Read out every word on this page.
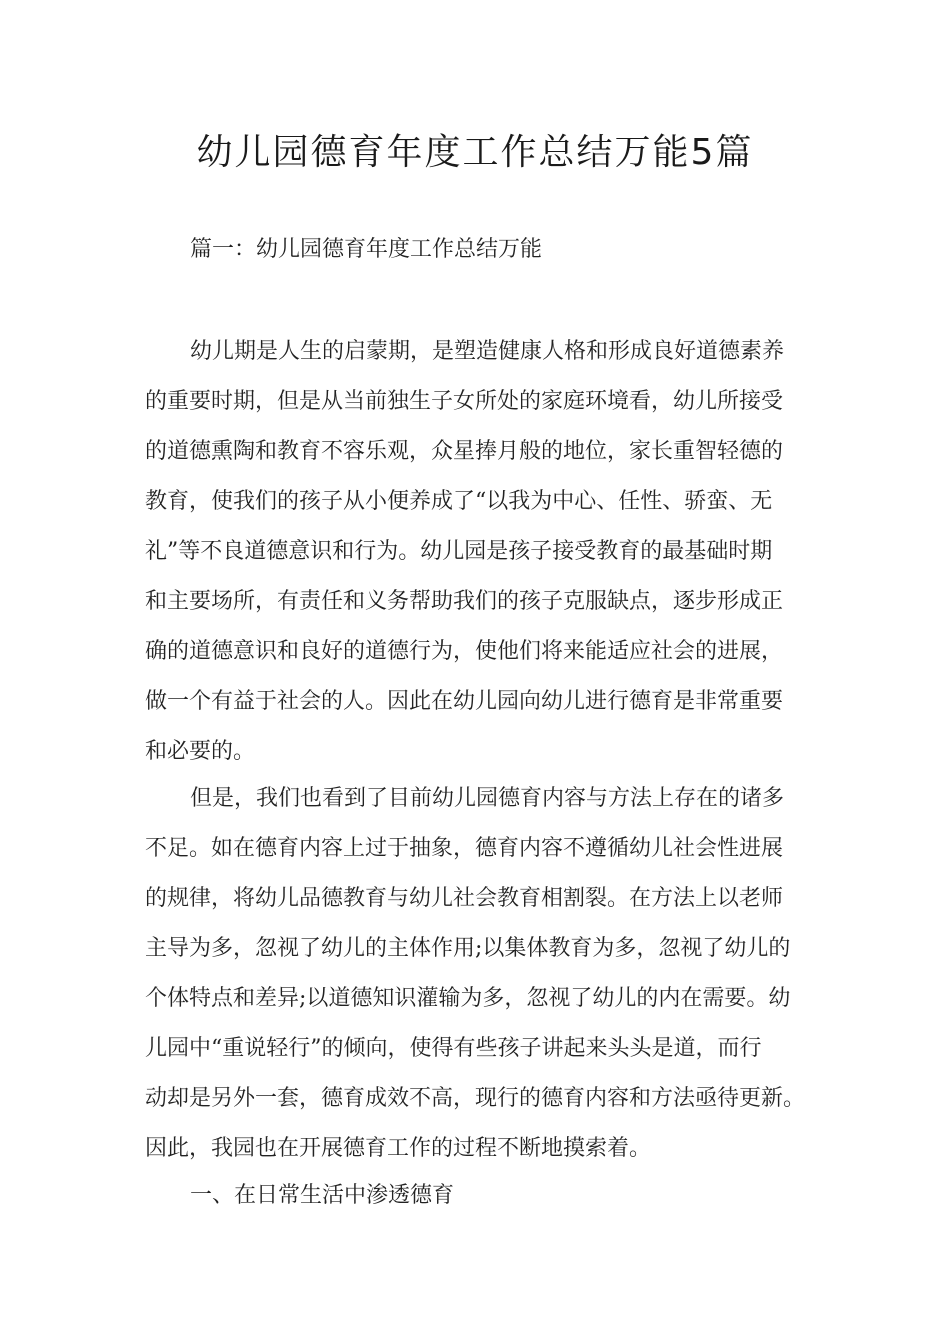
幼儿园德育年度工作总结万能5篇

篇一：幼儿园德育年度工作总结万能

幼儿期是人生的启蒙期，是塑造健康人格和形成良好道德素养
的重要时期，但是从当前独生子女所处的家庭环境看，幼儿所接受
的道德熏陶和教育不容乐观，众星捧月般的地位，家长重智轻德的
教育，使我们的孩子从小便养成了“以我为中心、任性、骄蛮、无
礼”等不良道德意识和行为。幼儿园是孩子接受教育的最基础时期
和主要场所，有责任和义务帮助我们的孩子克服缺点，逐步形成正
确的道德意识和良好的道德行为，使他们将来能适应社会的进展，
做一个有益于社会的人。因此在幼儿园向幼儿进行德育是非常重要
和必要的。
但是，我们也看到了目前幼儿园德育内容与方法上存在的诸多
不足。如在德育内容上过于抽象，德育内容不遵循幼儿社会性进展
的规律，将幼儿品德教育与幼儿社会教育相割裂。在方法上以老师
主导为多，忽视了幼儿的主体作用;以集体教育为多，忽视了幼儿的
个体特点和差异;以道德知识灌输为多，忽视了幼儿的内在需要。幼
儿园中“重说轻行”的倾向，使得有些孩子讲起来头头是道，而行
动却是另外一套，德育成效不高，现行的德育内容和方法亟待更新。
因此，我园也在开展德育工作的过程不断地摸索着。
一、在日常生活中渗透德育
